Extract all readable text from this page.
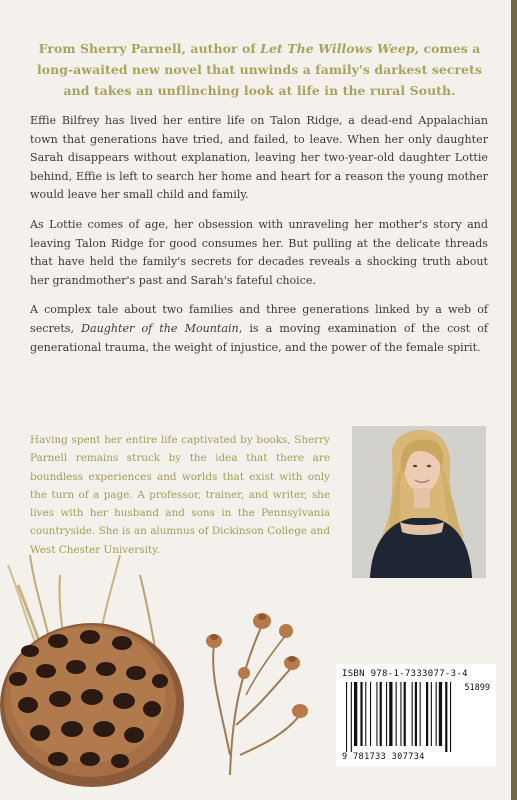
From Sherry Parnell, author of Let The Willows Weep, comes a long-awaited new novel that unwinds a family's darkest secrets and takes an unflinching look at life in the rural South.

Effie Bilfrey has lived her entire life on Talon Ridge, a dead-end Appalachian town that generations have tried, and failed, to leave. When her only daughter Sarah disappears without explanation, leaving her two-year-old daughter Lottie behind, Effie is left to search her home and heart for a reason the young mother would leave her small child and family.

As Lottie comes of age, her obsession with unraveling her mother's story and leaving Talon Ridge for good consumes her. But pulling at the delicate threads that have held the family's secrets for decades reveals a shocking truth about her grandmother's past and Sarah's fateful choice.

A complex tale about two families and three generations linked by a web of secrets, Daughter of the Mountain, is a moving examination of the cost of generational trauma, the weight of injustice, and the power of the female spirit.

Having spent her entire life captivated by books, Sherry Parnell remains struck by the idea that there are boundless experiences and worlds that exist with only the turn of a page. A professor, trainer, and writer, she lives with her husband and sons in the Pennsylvania countryside. She is an alumnus of Dickinson College and West Chester University.
ISBN 978-1-7333077-3-4
51899
9 781733 307734
